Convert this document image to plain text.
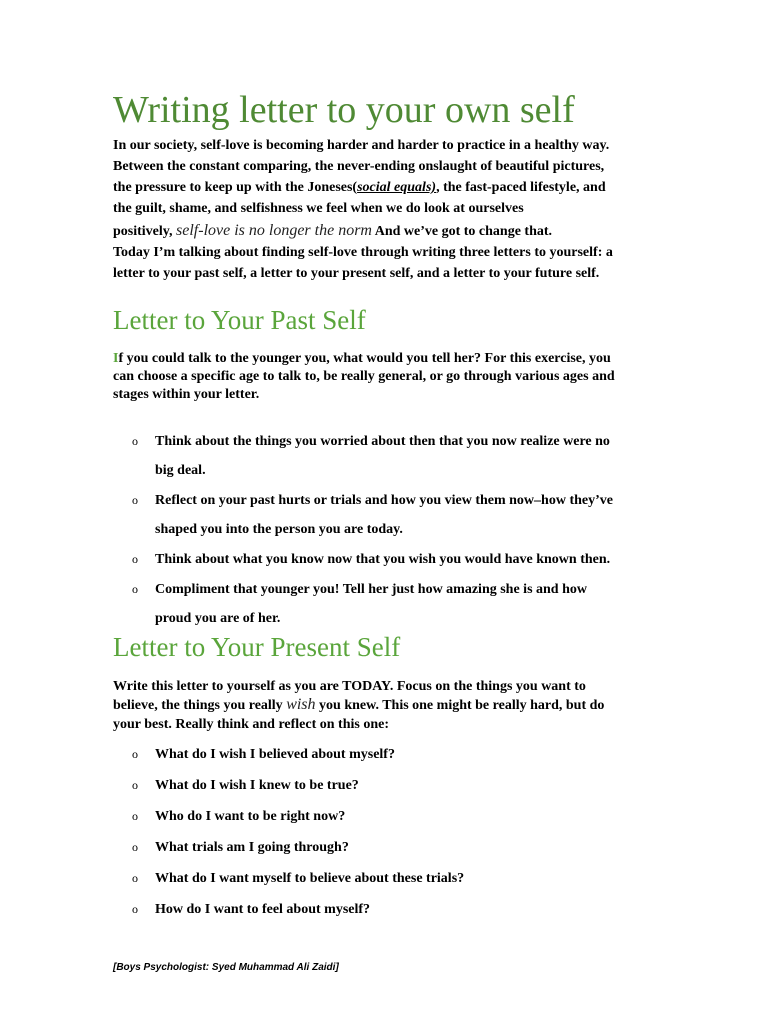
Writing letter to your own self
In our society, self-love is becoming harder and harder to practice in a healthy way.
Between the constant comparing, the never-ending onslaught of beautiful pictures,
the pressure to keep up with the Joneses(social equals), the fast-paced lifestyle, and
the guilt, shame, and selfishness we feel when we do look at ourselves
positively, self-love is no longer the norm And we’ve got to change that.
Today I’m talking about finding self-love through writing three letters to yourself: a
letter to your past self, a letter to your present self, and a letter to your future self.
Letter to Your Past Self
If you could talk to the younger you, what would you tell her? For this exercise, you
can choose a specific age to talk to, be really general, or go through various ages and
stages within your letter.
o Think about the things you worried about then that you now realize were no
big deal.
o Reflect on your past hurts or trials and how you view them now–how they’ve
shaped you into the person you are today.
o Think about what you know now that you wish you would have known then.
o Compliment that younger you! Tell her just how amazing she is and how
proud you are of her.
Letter to Your Present Self
Write this letter to yourself as you are TODAY. Focus on the things you want to
believe, the things you really wish you knew. This one might be really hard, but do
your best. Really think and reflect on this one:
o What do I wish I believed about myself?
o What do I wish I knew to be true?
o Who do I want to be right now?
o What trials am I going through?
o What do I want myself to believe about these trials?
o How do I want to feel about myself?
[Boys Psychologist: Syed Muhammad Ali Zaidi]
